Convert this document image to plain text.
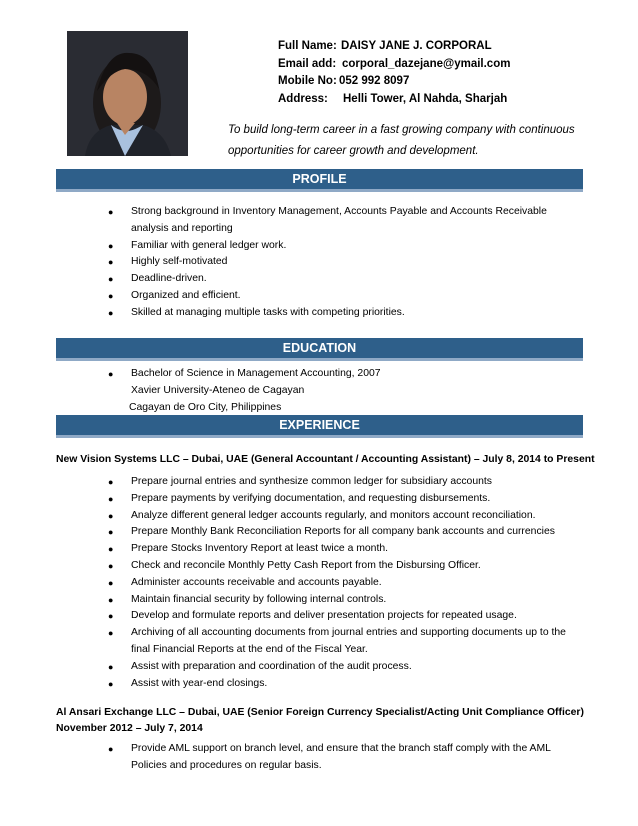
Full Name: DAISY JANE J. CORPORAL
Email add: corporal_dazejane@ymail.com
Mobile No: 052 992 8097
Address: Helli Tower, Al Nahda, Sharjah
To build long-term career in a fast growing company with continuous opportunities for career growth and development.
PROFILE
● Strong background in Inventory Management, Accounts Payable and Accounts Receivable analysis and reporting
● Familiar with general ledger work.
● Highly self-motivated
● Deadline-driven.
● Organized and efficient.
● Skilled at managing multiple tasks with competing priorities.
EDUCATION
● Bachelor of Science in Management Accounting, 2007
Xavier University-Ateneo de Cagayan
Cagayan de Oro City, Philippines
EXPERIENCE
New Vision Systems LLC – Dubai, UAE (General Accountant / Accounting Assistant) – July 8, 2014 to Present
● Prepare journal entries and synthesize common ledger for subsidiary accounts
● Prepare payments by verifying documentation, and requesting disbursements.
● Analyze different general ledger accounts regularly, and monitors account reconciliation.
● Prepare Monthly Bank Reconciliation Reports for all company bank accounts and currencies
● Prepare Stocks Inventory Report at least twice a month.
● Check and reconcile Monthly Petty Cash Report from the Disbursing Officer.
● Administer accounts receivable and accounts payable.
● Maintain financial security by following internal controls.
● Develop and formulate reports and deliver presentation projects for repeated usage.
● Archiving of all accounting documents from journal entries and supporting documents up to the final Financial Reports at the end of the Fiscal Year.
● Assist with preparation and coordination of the audit process.
● Assist with year-end closings.
Al Ansari Exchange LLC – Dubai, UAE (Senior Foreign Currency Specialist/Acting Unit Compliance Officer)
November 2012 – July 7, 2014
● Provide AML support on branch level, and ensure that the branch staff comply with the AML Policies and procedures on regular basis.
